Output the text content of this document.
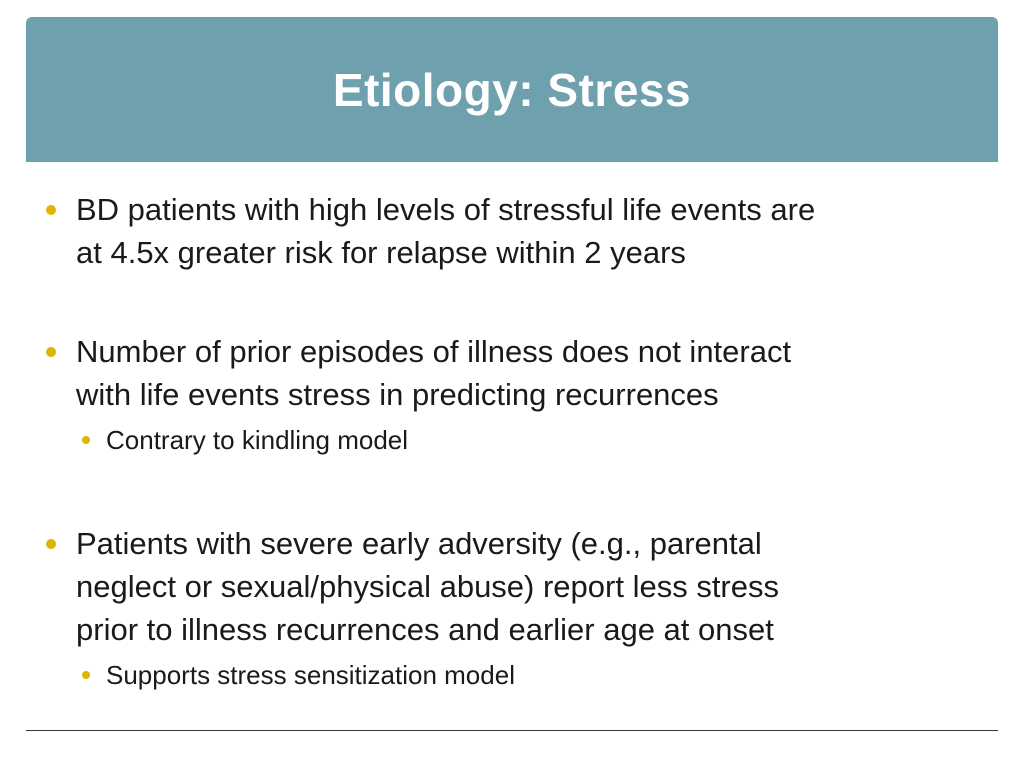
Etiology: Stress
BD patients with high levels of stressful life events are
at 4.5x greater risk for relapse within 2 years
Number of prior episodes of illness does not interact
with life events stress in predicting recurrences
Contrary to kindling model
Patients with severe early adversity (e.g., parental
neglect or sexual/physical abuse) report less stress
prior to illness recurrences and earlier age at onset
Supports stress sensitization model
